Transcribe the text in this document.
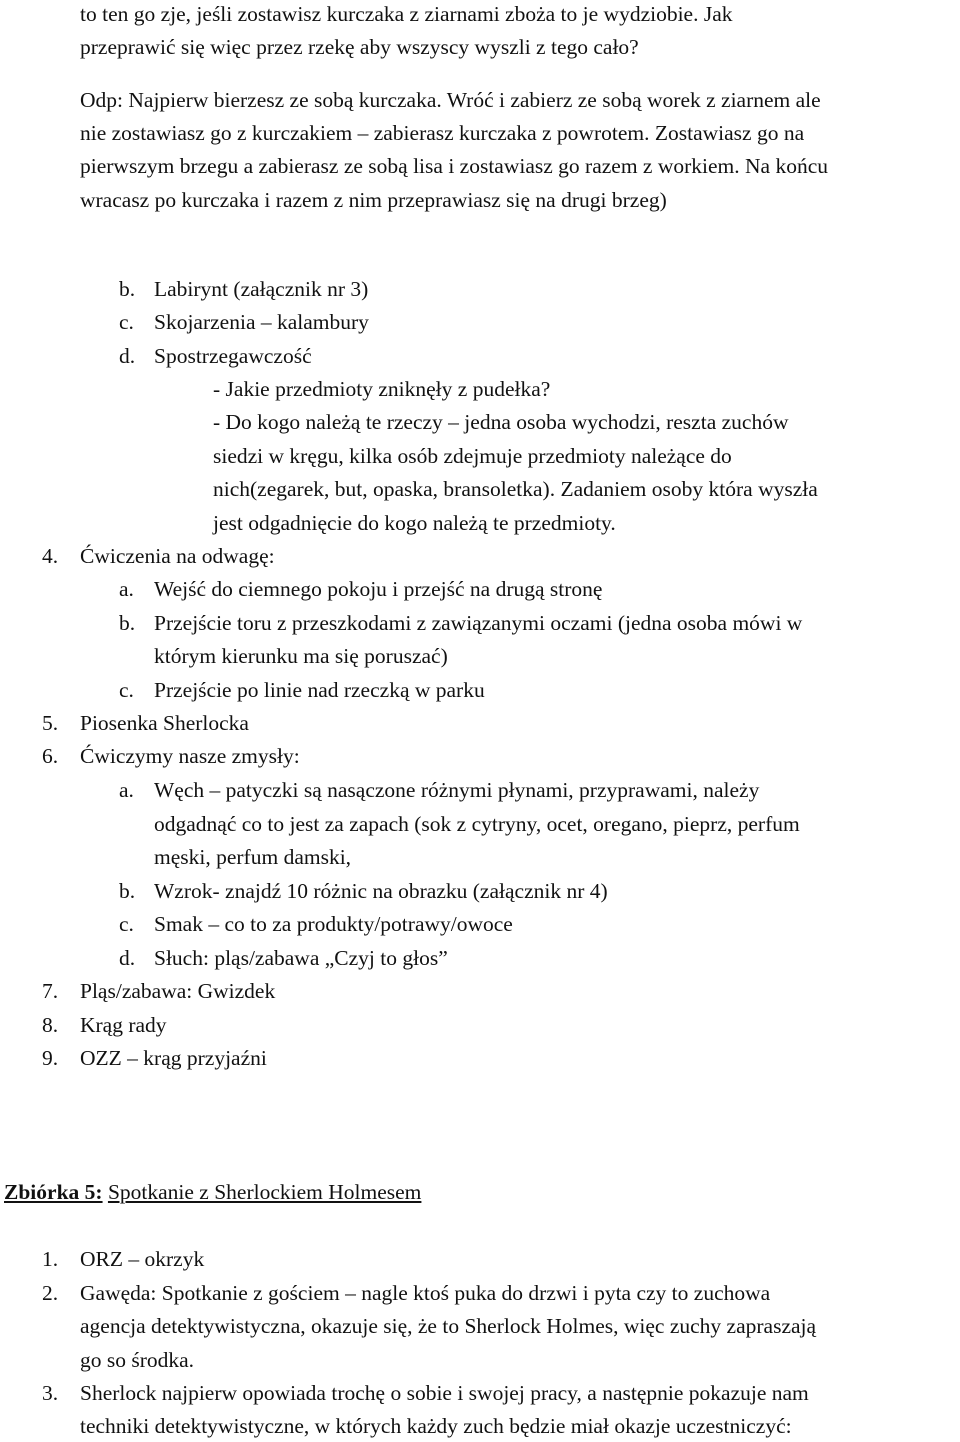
to ten go zje, jeśli zostawisz kurczaka z ziarnami zboża to je wydziobie. Jak
przeprawić się więc przez rzekę aby wszyscy wyszli z tego cało?
Odp: Najpierw bierzesz ze sobą kurczaka. Wróć i zabierz ze sobą worek z ziarnem ale
nie zostawiasz go z kurczakiem – zabierasz kurczaka z powrotem. Zostawiasz go na
pierwszym brzegu a zabierasz ze sobą lisa i zostawiasz go razem z workiem. Na końcu
wracasz po kurczaka i razem z nim przeprawiasz się na drugi brzeg)
b. Labirynt (załącznik nr 3)
c. Skojarzenia – kalambury
d. Spostrzegawczość
- Jakie przedmioty zniknęły z pudełka?
- Do kogo należą te rzeczy – jedna osoba wychodzi, reszta zuchów
siedzi w kręgu, kilka osób zdejmuje przedmioty należące do
nich(zegarek, but, opaska, bransoletka). Zadaniem osoby która wyszła
jest odgadnięcie do kogo należą te przedmioty.
4. Ćwiczenia na odwagę:
a. Wejść do ciemnego pokoju i przejść na drugą stronę
b. Przejście toru z przeszkodami z zawiązanymi oczami (jedna osoba mówi w
którym kierunku ma się poruszać)
c. Przejście po linie nad rzeczką w parku
5. Piosenka Sherlocka
6. Ćwiczymy nasze zmysły:
a. Węch – patyczki są nasączone różnymi płynami, przyprawami, należy
odgadnąć co to jest za zapach (sok z cytryny, ocet, oregano, pieprz, perfum
męski, perfum damski,
b. Wzrok- znajdź 10 różnic na obrazku (załącznik nr 4)
c. Smak – co to za produkty/potrawy/owoce
d. Słuch: pląs/zabawa „Czyj to głos”
7. Pląs/zabawa: Gwizdek
8. Krąg rady
9. OZZ – krąg przyjaźni
Zbiórka 5: Spotkanie z Sherlockiem Holmesem
1. ORZ – okrzyk
2. Gawęda: Spotkanie z gościem – nagle ktoś puka do drzwi i pyta czy to zuchowa
agencja detektywistyczna, okazuje się, że to Sherlock Holmes, więc zuchy zapraszają
go so środka.
3. Sherlock najpierw opowiada trochę o sobie i swojej pracy, a następnie pokazuje nam
techniki detektywistyczne, w których każdy zuch będzie miał okazje uczestniczyć:
